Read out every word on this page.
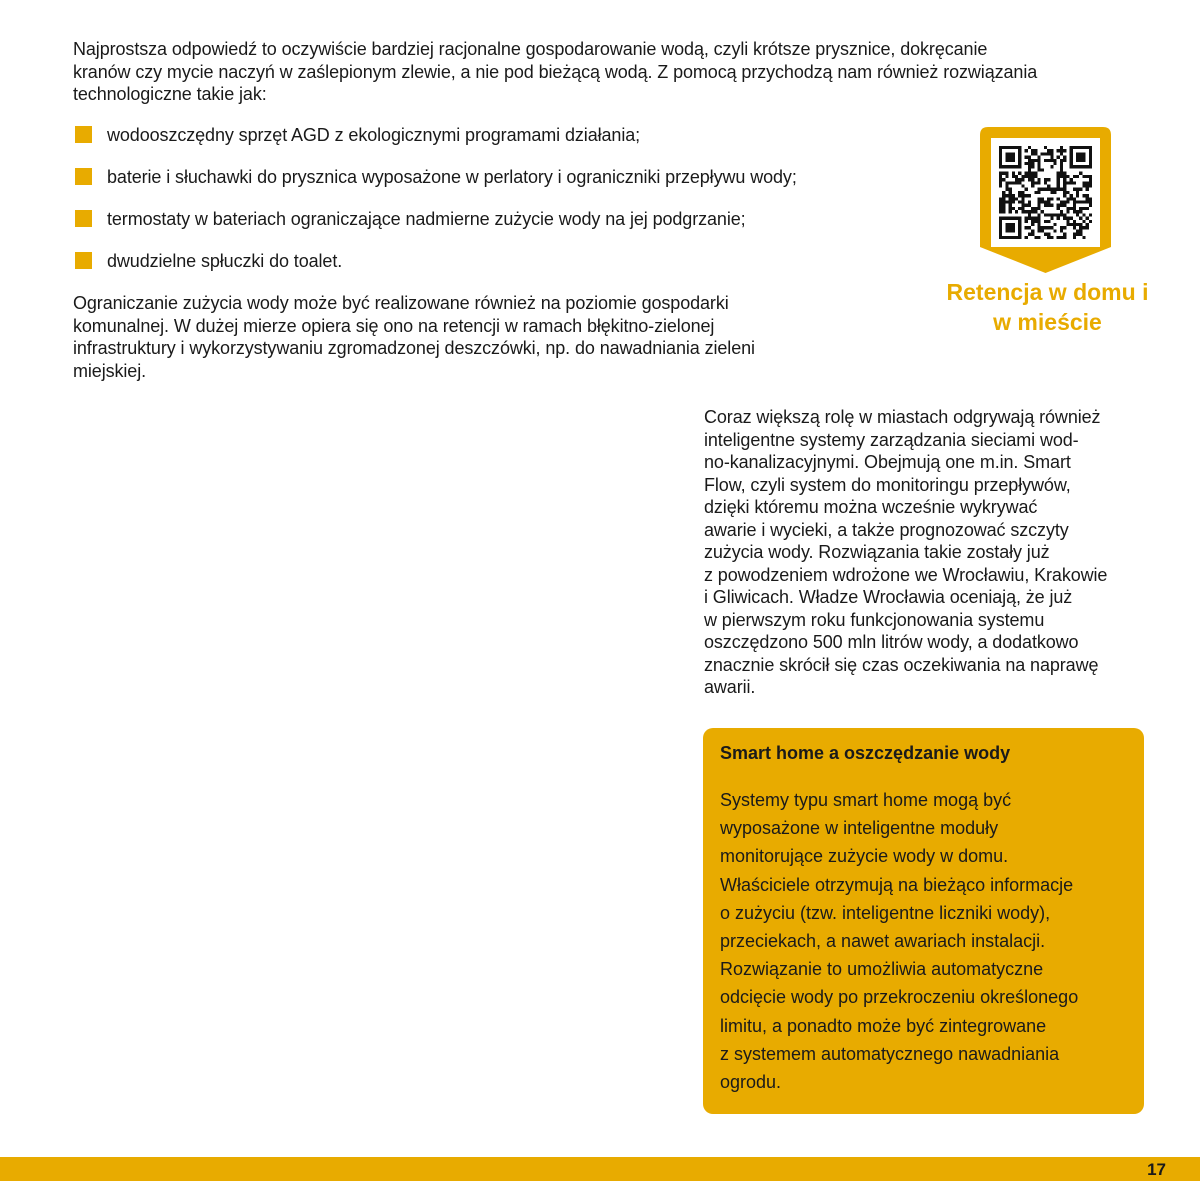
Najprostsza odpowiedź to oczywiście bardziej racjonalne gospodarowanie wodą, czyli krótsze prysznice, dokręcanie
kranów czy mycie naczyń w zaślepionym zlewie, a nie pod bieżącą wodą. Z pomocą przychodzą nam również rozwiązania
technologiczne takie jak:

wodooszczędny sprzęt AGD z ekologicznymi programami działania;
baterie i słuchawki do prysznica wyposażone w perlatory i ograniczniki przepływu wody;
termostaty w bateriach ograniczające nadmierne zużycie wody na jej podgrzanie;
dwudzielne spłuczki do toalet.

Ograniczanie zużycia wody może być realizowane również na poziomie gospodarki
komunalnej. W dużej mierze opiera się ono na retencji w ramach błękitno-zielonej
infrastruktury i wykorzystywaniu zgromadzonej deszczówki, np. do nawadniania zieleni
miejskiej.

Retencja w domu i
w mieście

Coraz większą rolę w miastach odgrywają również
inteligentne systemy zarządzania sieciami wod-
no-kanalizacyjnymi. Obejmują one m.in. Smart
Flow, czyli system do monitoringu przepływów,
dzięki któremu można wcześnie wykrywać
awarie i wycieki, a także prognozować szczyty
zużycia wody. Rozwiązania takie zostały już
z powodzeniem wdrożone we Wrocławiu, Krakowie
i Gliwicach. Władze Wrocławia oceniają, że już
w pierwszym roku funkcjonowania systemu
oszczędzono 500 mln litrów wody, a dodatkowo
znacznie skrócił się czas oczekiwania na naprawę
awarii.

Smart home a oszczędzanie wody

Systemy typu smart home mogą być
wyposażone w inteligentne moduły
monitorujące zużycie wody w domu.
Właściciele otrzymują na bieżąco informacje
o zużyciu (tzw. inteligentne liczniki wody),
przeciekach, a nawet awariach instalacji.
Rozwiązanie to umożliwia automatyczne
odcięcie wody po przekroczeniu określonego
limitu, a ponadto może być zintegrowane
z systemem automatycznego nawadniania
ogrodu.

17
